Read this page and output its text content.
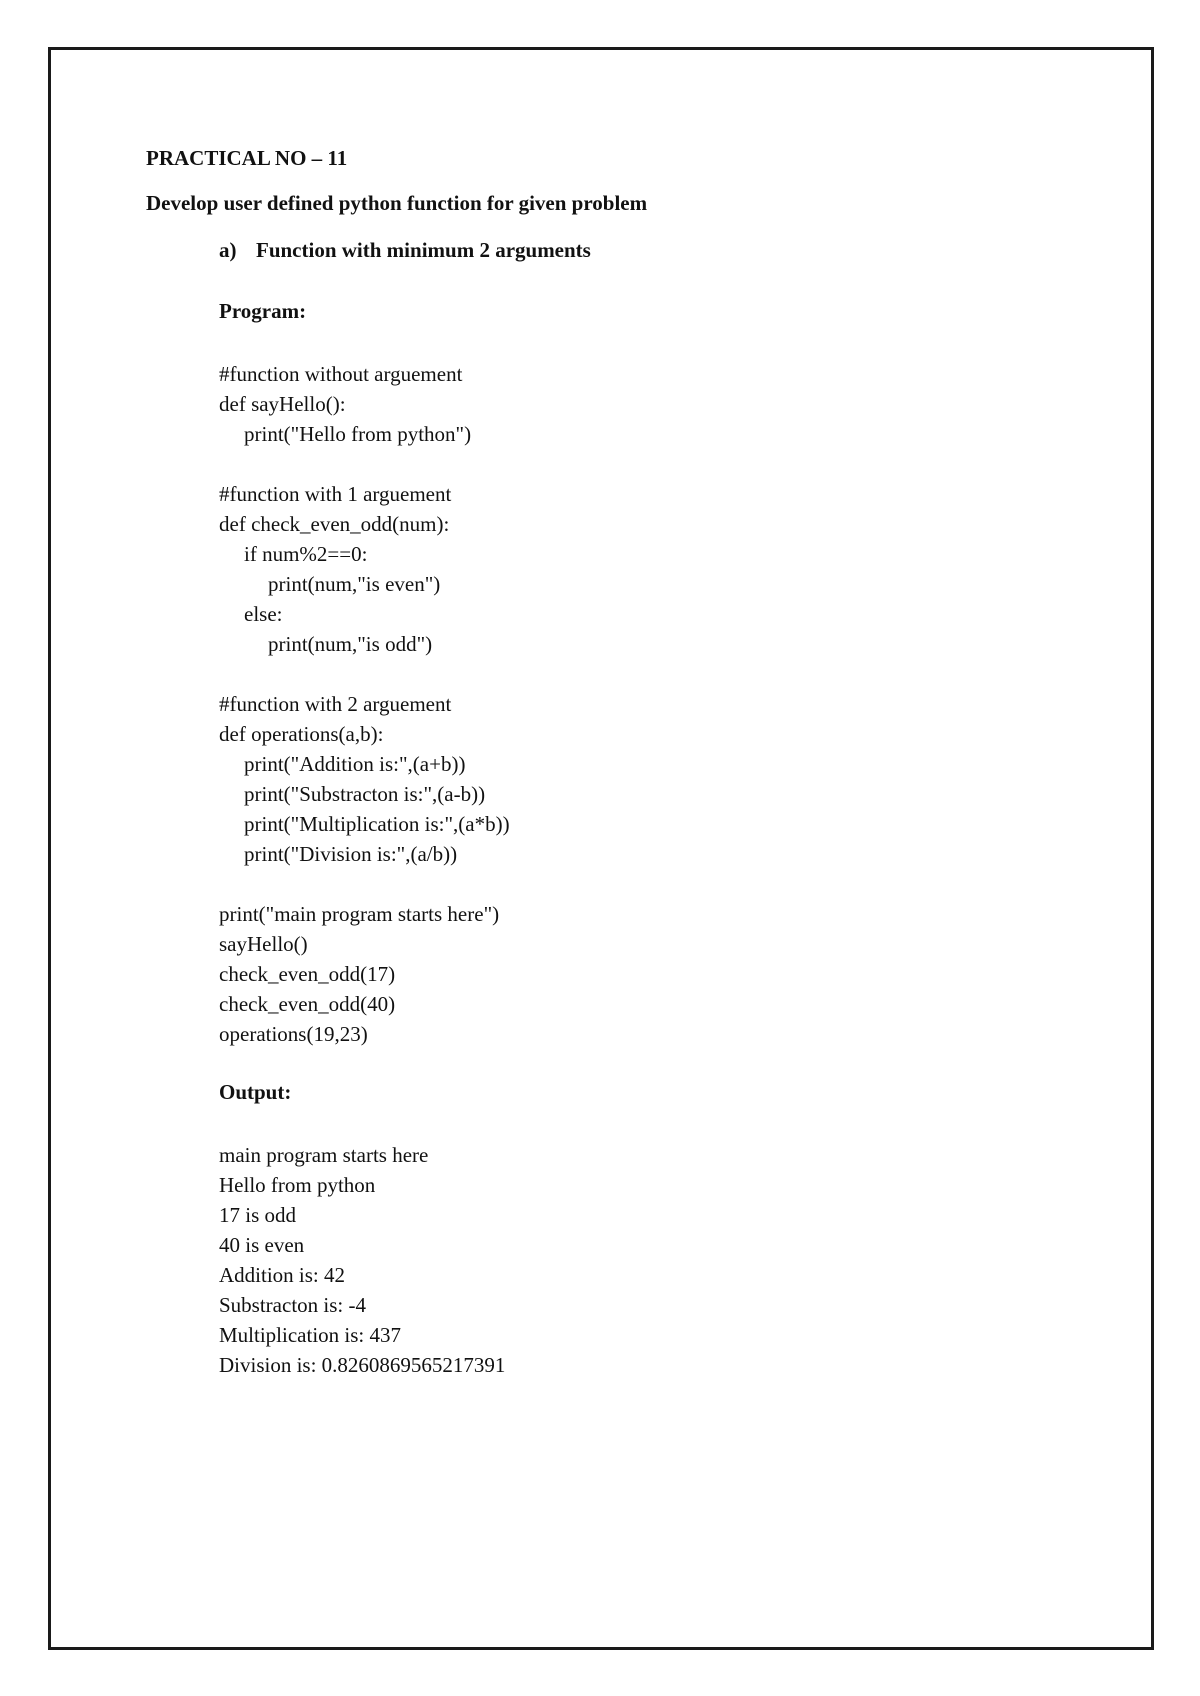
PRACTICAL NO – 11
Develop user defined python function for given problem
a) Function with minimum 2 arguments
Program:
#function without arguement
def sayHello():
print("Hello from python")
#function with 1 arguement
def check_even_odd(num):
if num%2==0:
print(num,"is even")
else:
print(num,"is odd")
#function with 2 arguement
def operations(a,b):
print("Addition is:",(a+b))
print("Substracton is:",(a-b))
print("Multiplication is:",(a*b))
print("Division is:",(a/b))
print("main program starts here")
sayHello()
check_even_odd(17)
check_even_odd(40)
operations(19,23)
Output:
main program starts here
Hello from python
17 is odd
40 is even
Addition is: 42
Substracton is: -4
Multiplication is: 437
Division is: 0.8260869565217391
